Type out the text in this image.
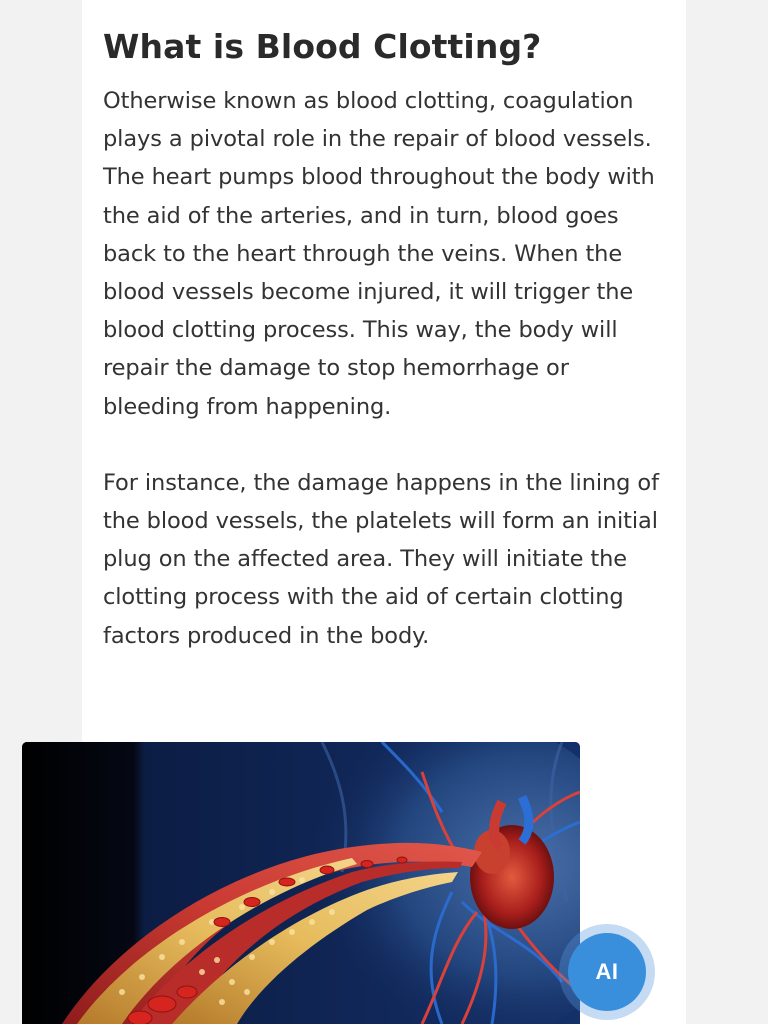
What is Blood Clotting?

Otherwise known as blood clotting, coagulation plays a pivotal role in the repair of blood vessels. The heart pumps blood throughout the body with the aid of the arteries, and in turn, blood goes back to the heart through the veins. When the blood vessels become injured, it will trigger the blood clotting process. This way, the body will repair the damage to stop hemorrhage or bleeding from happening.

For instance, the damage happens in the lining of the blood vessels, the platelets will form an initial plug on the affected area. They will initiate the clotting process with the aid of certain clotting factors produced in the body.

AI
